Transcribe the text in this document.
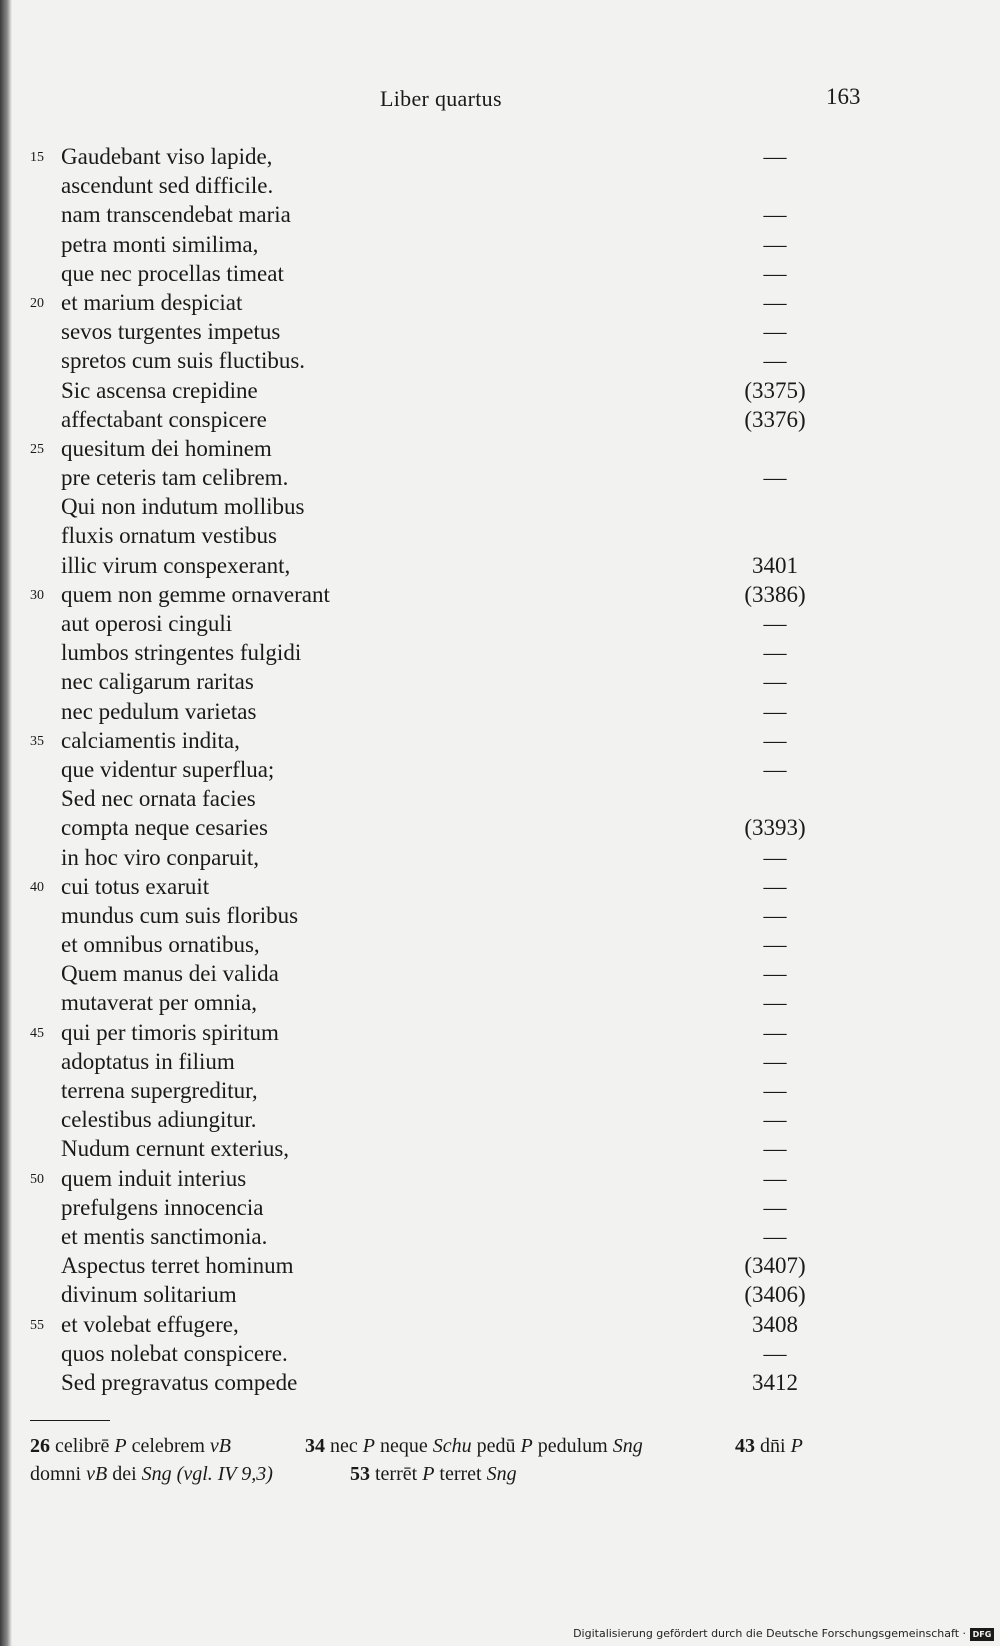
Liber quartus	163
15 Gaudebant viso lapide,	—
ascendunt sed difficile.
nam transcendebat maria	—
petra monti similima,	—
que nec procellas timeat	—
20 et marium despiciat	—
sevos turgentes impetus	—
spretos cum suis fluctibus.	—
Sic ascensa crepidine	(3375)
affectabant conspicere	(3376)
25 quesitum dei hominem
pre ceteris tam celibrem.	—
Qui non indutum mollibus
fluxis ornatum vestibus
illic virum conspexerant,	3401
30 quem non gemme ornaverant	(3386)
aut operosi cinguli	—
lumbos stringentes fulgidi	—
nec caligarum raritas	—
nec pedulum varietas	—
35 calciamentis indita,	—
que videntur superflua;	—
Sed nec ornata facies
compta neque cesaries	(3393)
in hoc viro conparuit,	—
40 cui totus exaruit	—
mundus cum suis floribus	—
et omnibus ornatibus,	—
Quem manus dei valida	—
mutaverat per omnia,	—
45 qui per timoris spiritum	—
adoptatus in filium	—
terrena supergreditur,	—
celestibus adiungitur.	—
Nudum cernunt exterius,	—
50 quem induit interius	—
prefulgens innocencia	—
et mentis sanctimonia.	—
Aspectus terret hominum	(3407)
divinum solitarium	(3406)
55 et volebat effugere,	3408
quos nolebat conspicere.	—
Sed pregravatus compede	3412
26 celibrē P celebrem vB	34 nec P neque Schu pedū P pedulum Sng	43 dn̄i P
domni vB dei Sng (vgl. IV 9,3)	53 terrēt P terret Sng
Digitalisierung gefördert durch die Deutsche Forschungsgemeinschaft · DFG
